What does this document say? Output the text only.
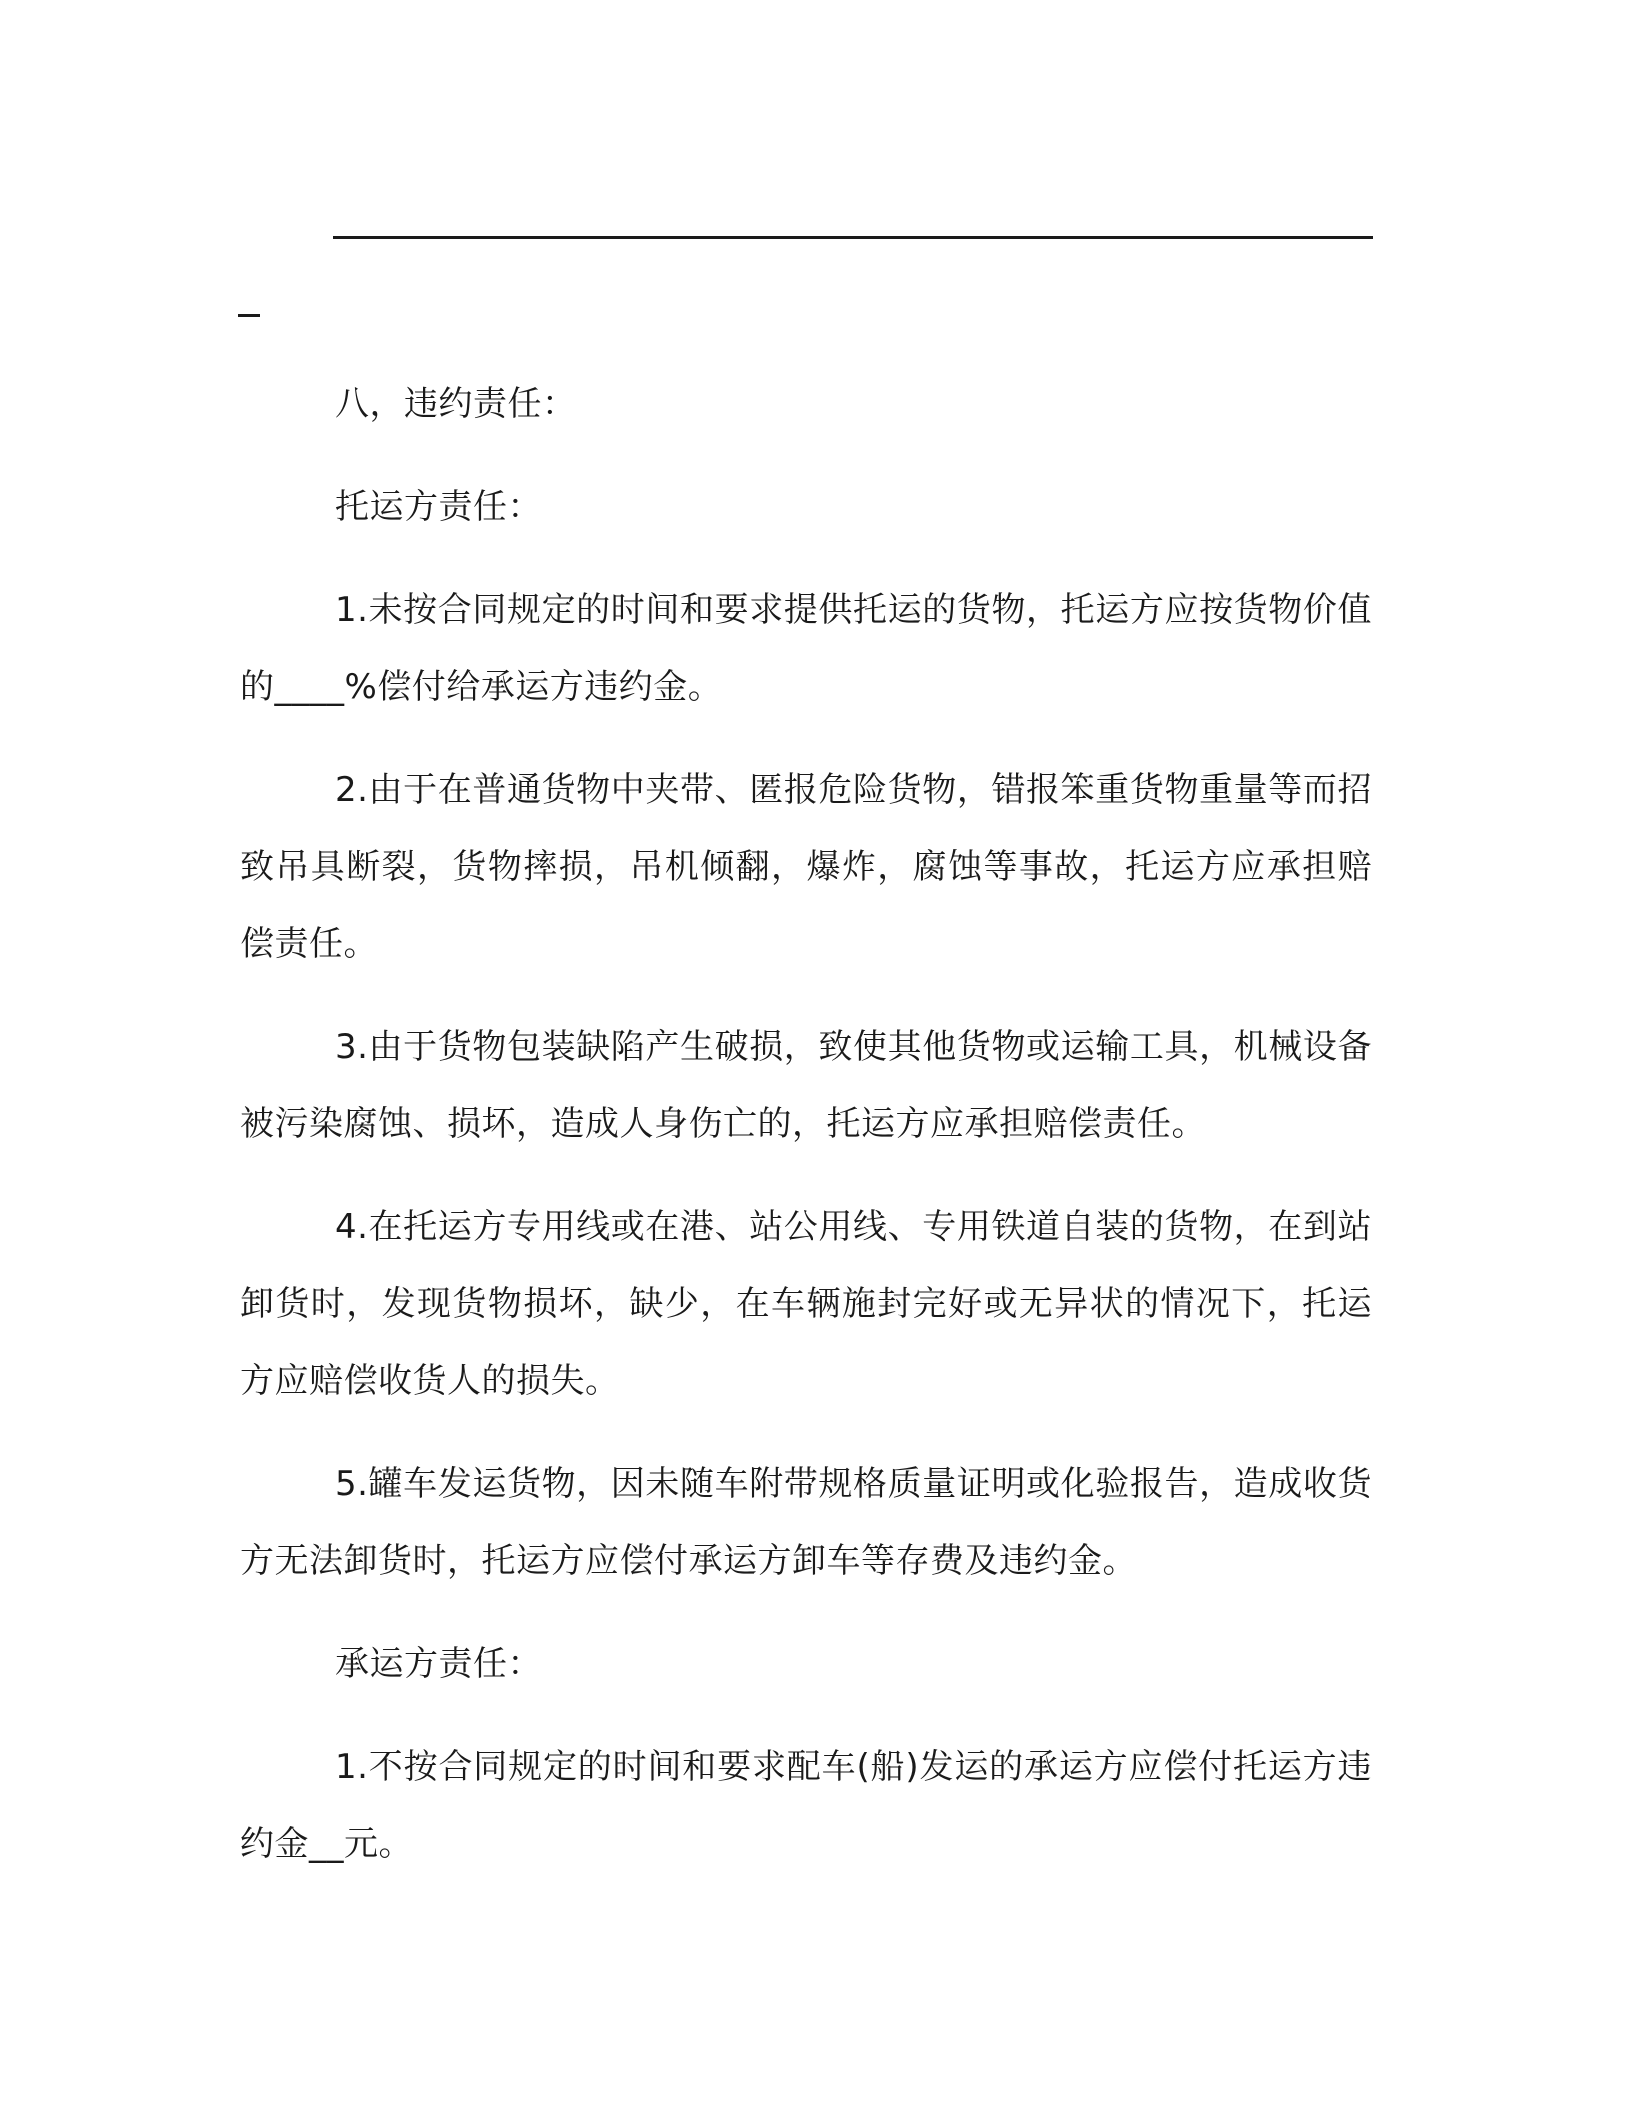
八，违约责任：

托运方责任：

1.未按合同规定的时间和要求提供托运的货物，托运方应按货物价值的____%偿付给承运方违约金。

2.由于在普通货物中夹带、匿报危险货物，错报笨重货物重量等而招致吊具断裂，货物摔损，吊机倾翻，爆炸，腐蚀等事故，托运方应承担赔偿责任。

3.由于货物包装缺陷产生破损，致使其他货物或运输工具，机械设备被污染腐蚀、损坏，造成人身伤亡的，托运方应承担赔偿责任。

4.在托运方专用线或在港、站公用线、专用铁道自装的货物，在到站卸货时，发现货物损坏，缺少，在车辆施封完好或无异状的情况下，托运方应赔偿收货人的损失。

5.罐车发运货物，因未随车附带规格质量证明或化验报告，造成收货方无法卸货时，托运方应偿付承运方卸车等存费及违约金。

承运方责任：

1.不按合同规定的时间和要求配车(船)发运的承运方应偿付托运方违约金__元。
